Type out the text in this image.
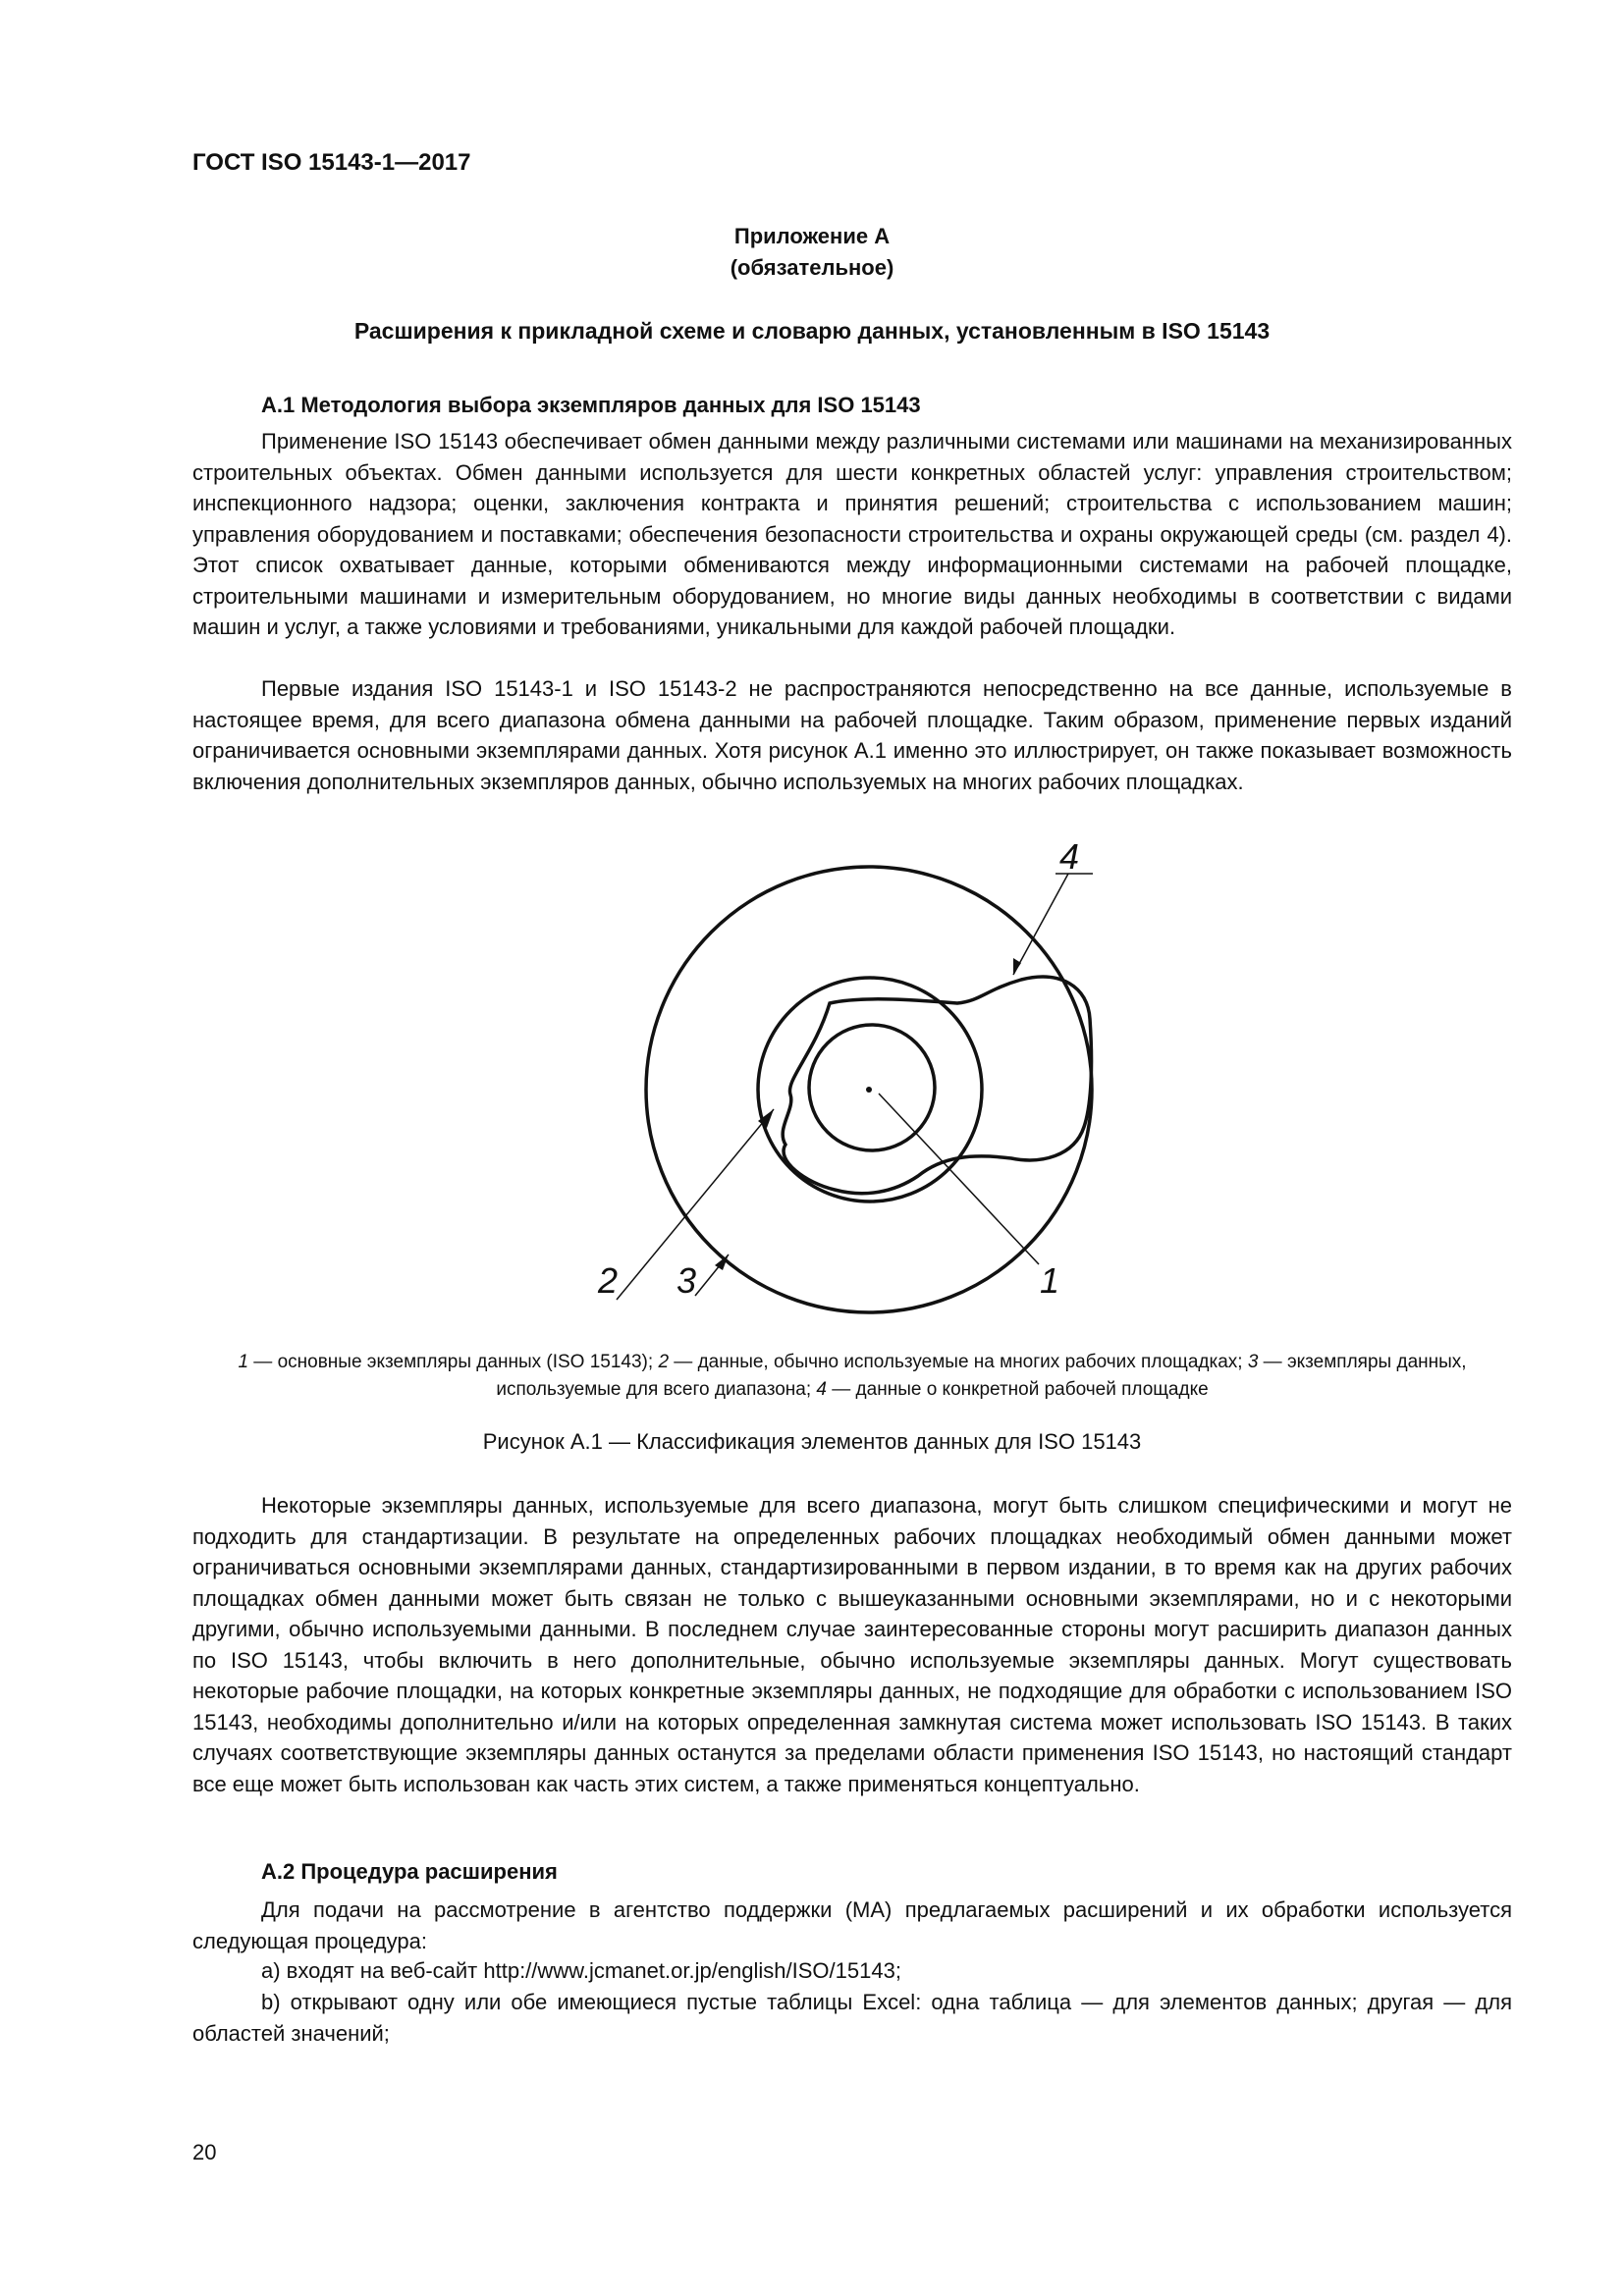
ГОСТ ISO 15143-1—2017
Приложение А
(обязательное)
Расширения к прикладной схеме и словарю данных, установленным в ISO 15143
А.1 Методология выбора экземпляров данных для ISO 15143

Применение ISO 15143 обеспечивает обмен данными между различными системами или машинами на механизированных строительных объектах. Обмен данными используется для шести конкретных областей услуг: управления строительством; инспекционного надзора; оценки, заключения контракта и принятия решений; строительства с использованием машин; управления оборудованием и поставками; обеспечения безопасности строительства и охраны окружающей среды (см. раздел 4). Этот список охватывает данные, которыми обмениваются между информационными системами на рабочей площадке, строительными машинами и измерительным оборудованием, но многие виды данных необходимы в соответствии с видами машин и услуг, а также условиями и требованиями, уникальными для каждой рабочей площадки.

Первые издания ISO 15143-1 и ISO 15143-2 не распространяются непосредственно на все данные, используемые в настоящее время, для всего диапазона обмена данными на рабочей площадке. Таким образом, применение первых изданий ограничивается основными экземплярами данных. Хотя рисунок А.1 именно это иллюстрирует, он также показывает возможность включения дополнительных экземпляров данных, обычно используемых на многих рабочих площадках.

1
2 3
4
1 — основные экземпляры данных (ISO 15143); 2 — данные, обычно используемые на многих рабочих площадках; 3 — экземпляры данных, используемые для всего диапазона; 4 — данные о конкретной рабочей площадке
Рисунок А.1 — Классификация элементов данных для ISO 15143

Некоторые экземпляры данных, используемые для всего диапазона, могут быть слишком специфическими и могут не подходить для стандартизации. В результате на определенных рабочих площадках необходимый обмен данными может ограничиваться основными экземплярами данных, стандартизированными в первом издании, в то время как на других рабочих площадках обмен данными может быть связан не только с вышеуказанными основными экземплярами, но и с некоторыми другими, обычно используемыми данными. В последнем случае заинтересованные стороны могут расширить диапазон данных по ISO 15143, чтобы включить в него дополнительные, обычно используемые экземпляры данных. Могут существовать некоторые рабочие площадки, на которых конкретные экземпляры данных, не подходящие для обработки с использованием ISO 15143, необходимы дополнительно и/или на которых определенная замкнутая система может использовать ISO 15143. В таких случаях соответствующие экземпляры данных останутся за пределами области применения ISO 15143, но настоящий стандарт все еще может быть использован как часть этих систем, а также применяться концептуально.

А.2 Процедура расширения

Для подачи на рассмотрение в агентство поддержки (МА) предлагаемых расширений и их обработки используется следующая процедура:

a) входят на веб-сайт http://www.jcmanet.or.jp/english/ISO/15143;

b) открывают одну или обе имеющиеся пустые таблицы Excel: одна таблица — для элементов данных; другая — для областей значений;

20
